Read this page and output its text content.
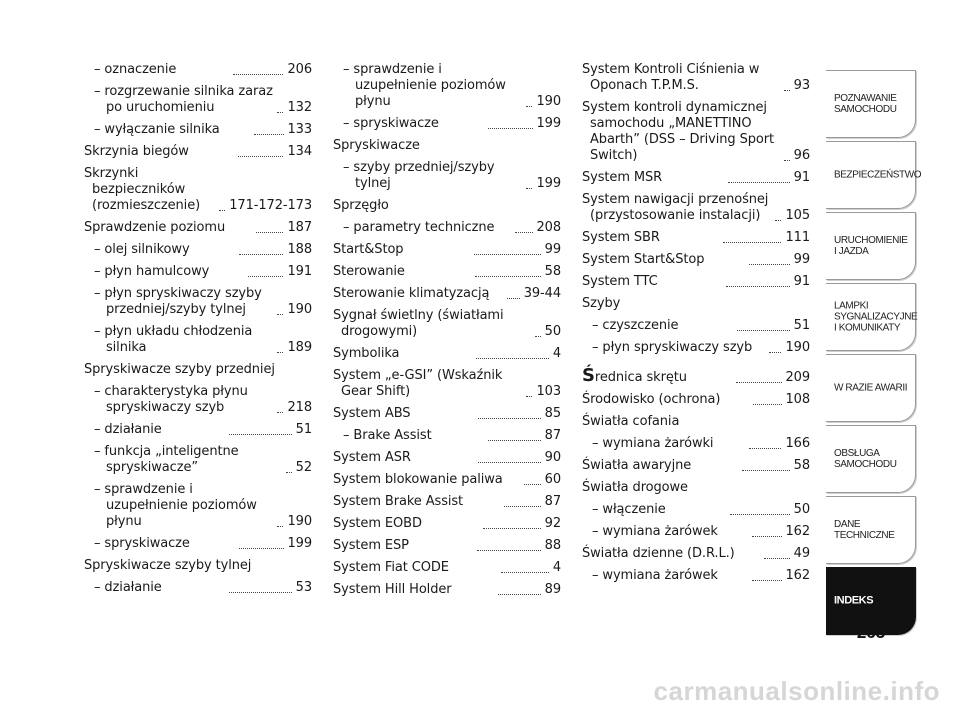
– oznaczenie	206
– rozgrzewanie silnika zaraz po uruchomieniu	132
– wyłączanie silnika	133
Skrzynia biegów	134
Skrzynki bezpieczników (rozmieszczenie)	171-172-173
Sprawdzenie poziomu	187
– olej silnikowy	188
– płyn hamulcowy	191
– płyn spryskiwaczy szyby przedniej/szyby tylnej	190
– płyn układu chłodzenia silnika	189
Spryskiwacze szyby przedniej
– charakterystyka płynu spryskiwaczy szyb	218
– działanie	51
– funkcja „inteligentne spryskiwacze”	52
– sprawdzenie i uzupełnienie poziomów płynu	190
– spryskiwacze	199
Spryskiwacze szyby tylnej
– działanie	53
– sprawdzenie i uzupełnienie poziomów płynu	190
– spryskiwacze	199
Spryskiwacze
– szyby przedniej/szyby tylnej	199
Sprzęgło
– parametry techniczne	208
Start&Stop	99
Sterowanie	58
Sterowanie klimatyzacją	39-44
Sygnał świetlny (światłami drogowymi)	50
Symbolika	4
System „e-GSI” (Wskaźnik Gear Shift)	103
System ABS	85
– Brake Assist	87
System ASR	90
System blokowanie paliwa	60
System Brake Assist	87
System EOBD	92
System ESP	88
System Fiat CODE	4
System Hill Holder	89
System Kontroli Ciśnienia w Oponach T.P.M.S.	93
System kontroli dynamicznej samochodu „MANETTINO Abarth” (DSS – Driving Sport Switch)	96
System MSR	91
System nawigacji przenośnej (przystosowanie instalacji)	105
System SBR	111
System Start&Stop	99
System TTC	91
Szyby
– czyszczenie	51
– płyn spryskiwaczy szyb	190
Średnica skrętu	209
Środowisko (ochrona)	108
Światła cofania
– wymiana żarówki	166
Światła awaryjne	58
Światła drogowe
– włączenie	50
– wymiana żarówek	162
Światła dzienne (D.R.L.)	49
– wymiana żarówek	162
POZNAWANIE
SAMOCHODU
BEZPIECZEŃSTWO
URUCHOMIENIE
I JAZDA
LAMPKI
SYGNALIZACYJNE
I KOMUNIKATY
W RAZIE AWARII
OBSŁUGA
SAMOCHODU
DANE
TECHNICZNE
INDEKS
263
carmanualsonline.info
